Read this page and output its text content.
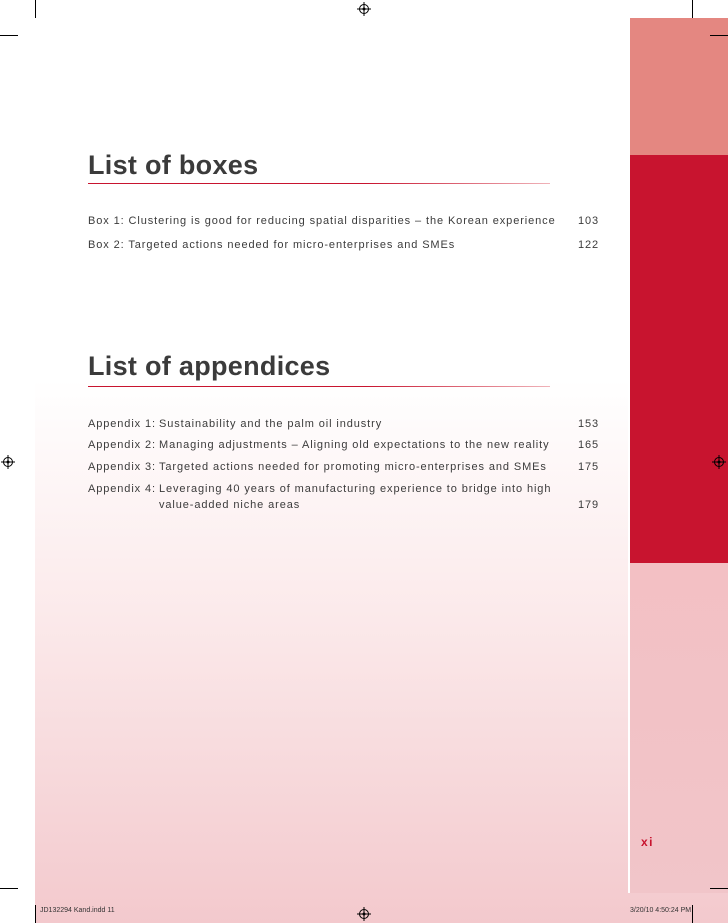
List of boxes
Box 1: Clustering is good for reducing spatial disparities – the Korean experience	103
Box 2: Targeted actions needed for micro-enterprises and SMEs	122
List of appendices
Appendix 1: Sustainability and the palm oil industry	153
Appendix 2: Managing adjustments – Aligning old expectations to the new reality	165
Appendix 3: Targeted actions needed for promoting micro-enterprises and SMEs	175
Appendix 4: Leveraging 40 years of manufacturing experience to bridge into high
value-added niche areas	179
xi
JD132294 Kand.indd 11	3/20/10 4:50:24 PM
